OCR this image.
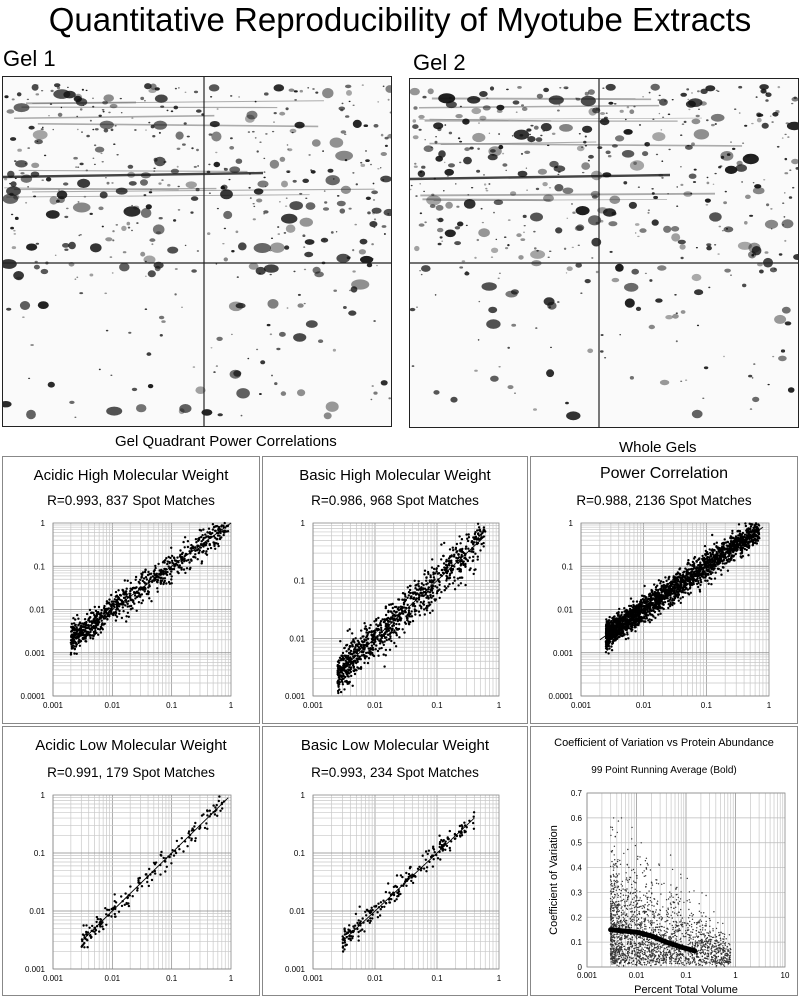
Quantitative Reproducibility of Myotube Extracts
Gel 1	Gel 2
Gel Quadrant Power Correlations	Whole Gels
Acidic High Molecular Weight
R=0.993, 837 Spot Matches
0.001	0.01	0.1	1
1
0.1
0.01
0.001
0.0001
Basic High Molecular Weight
R=0.986, 968 Spot Matches
0.001	0.01	0.1	1
1
0.1
0.01
0.001
Power Correlation
R=0.988, 2136 Spot Matches
0.001	0.01	0.1	1
1
0.1
0.01
0.001
0.0001
Acidic Low Molecular Weight
R=0.991, 179 Spot Matches
0.001	0.01	0.1	1
1
0.1
0.01
0.001
Basic Low Molecular Weight
R=0.993, 234 Spot Matches
0.001	0.01	0.1	1
1
0.1
0.01
0.001
Coefficient of Variation vs Protein Abundance
99 Point Running Average (Bold)
0
0.1
0.2
0.3
0.4
0.5
0.6
0.7
0.001	0.01	0.1	1	10
Percent Total Volume
Coefficient of Variation
